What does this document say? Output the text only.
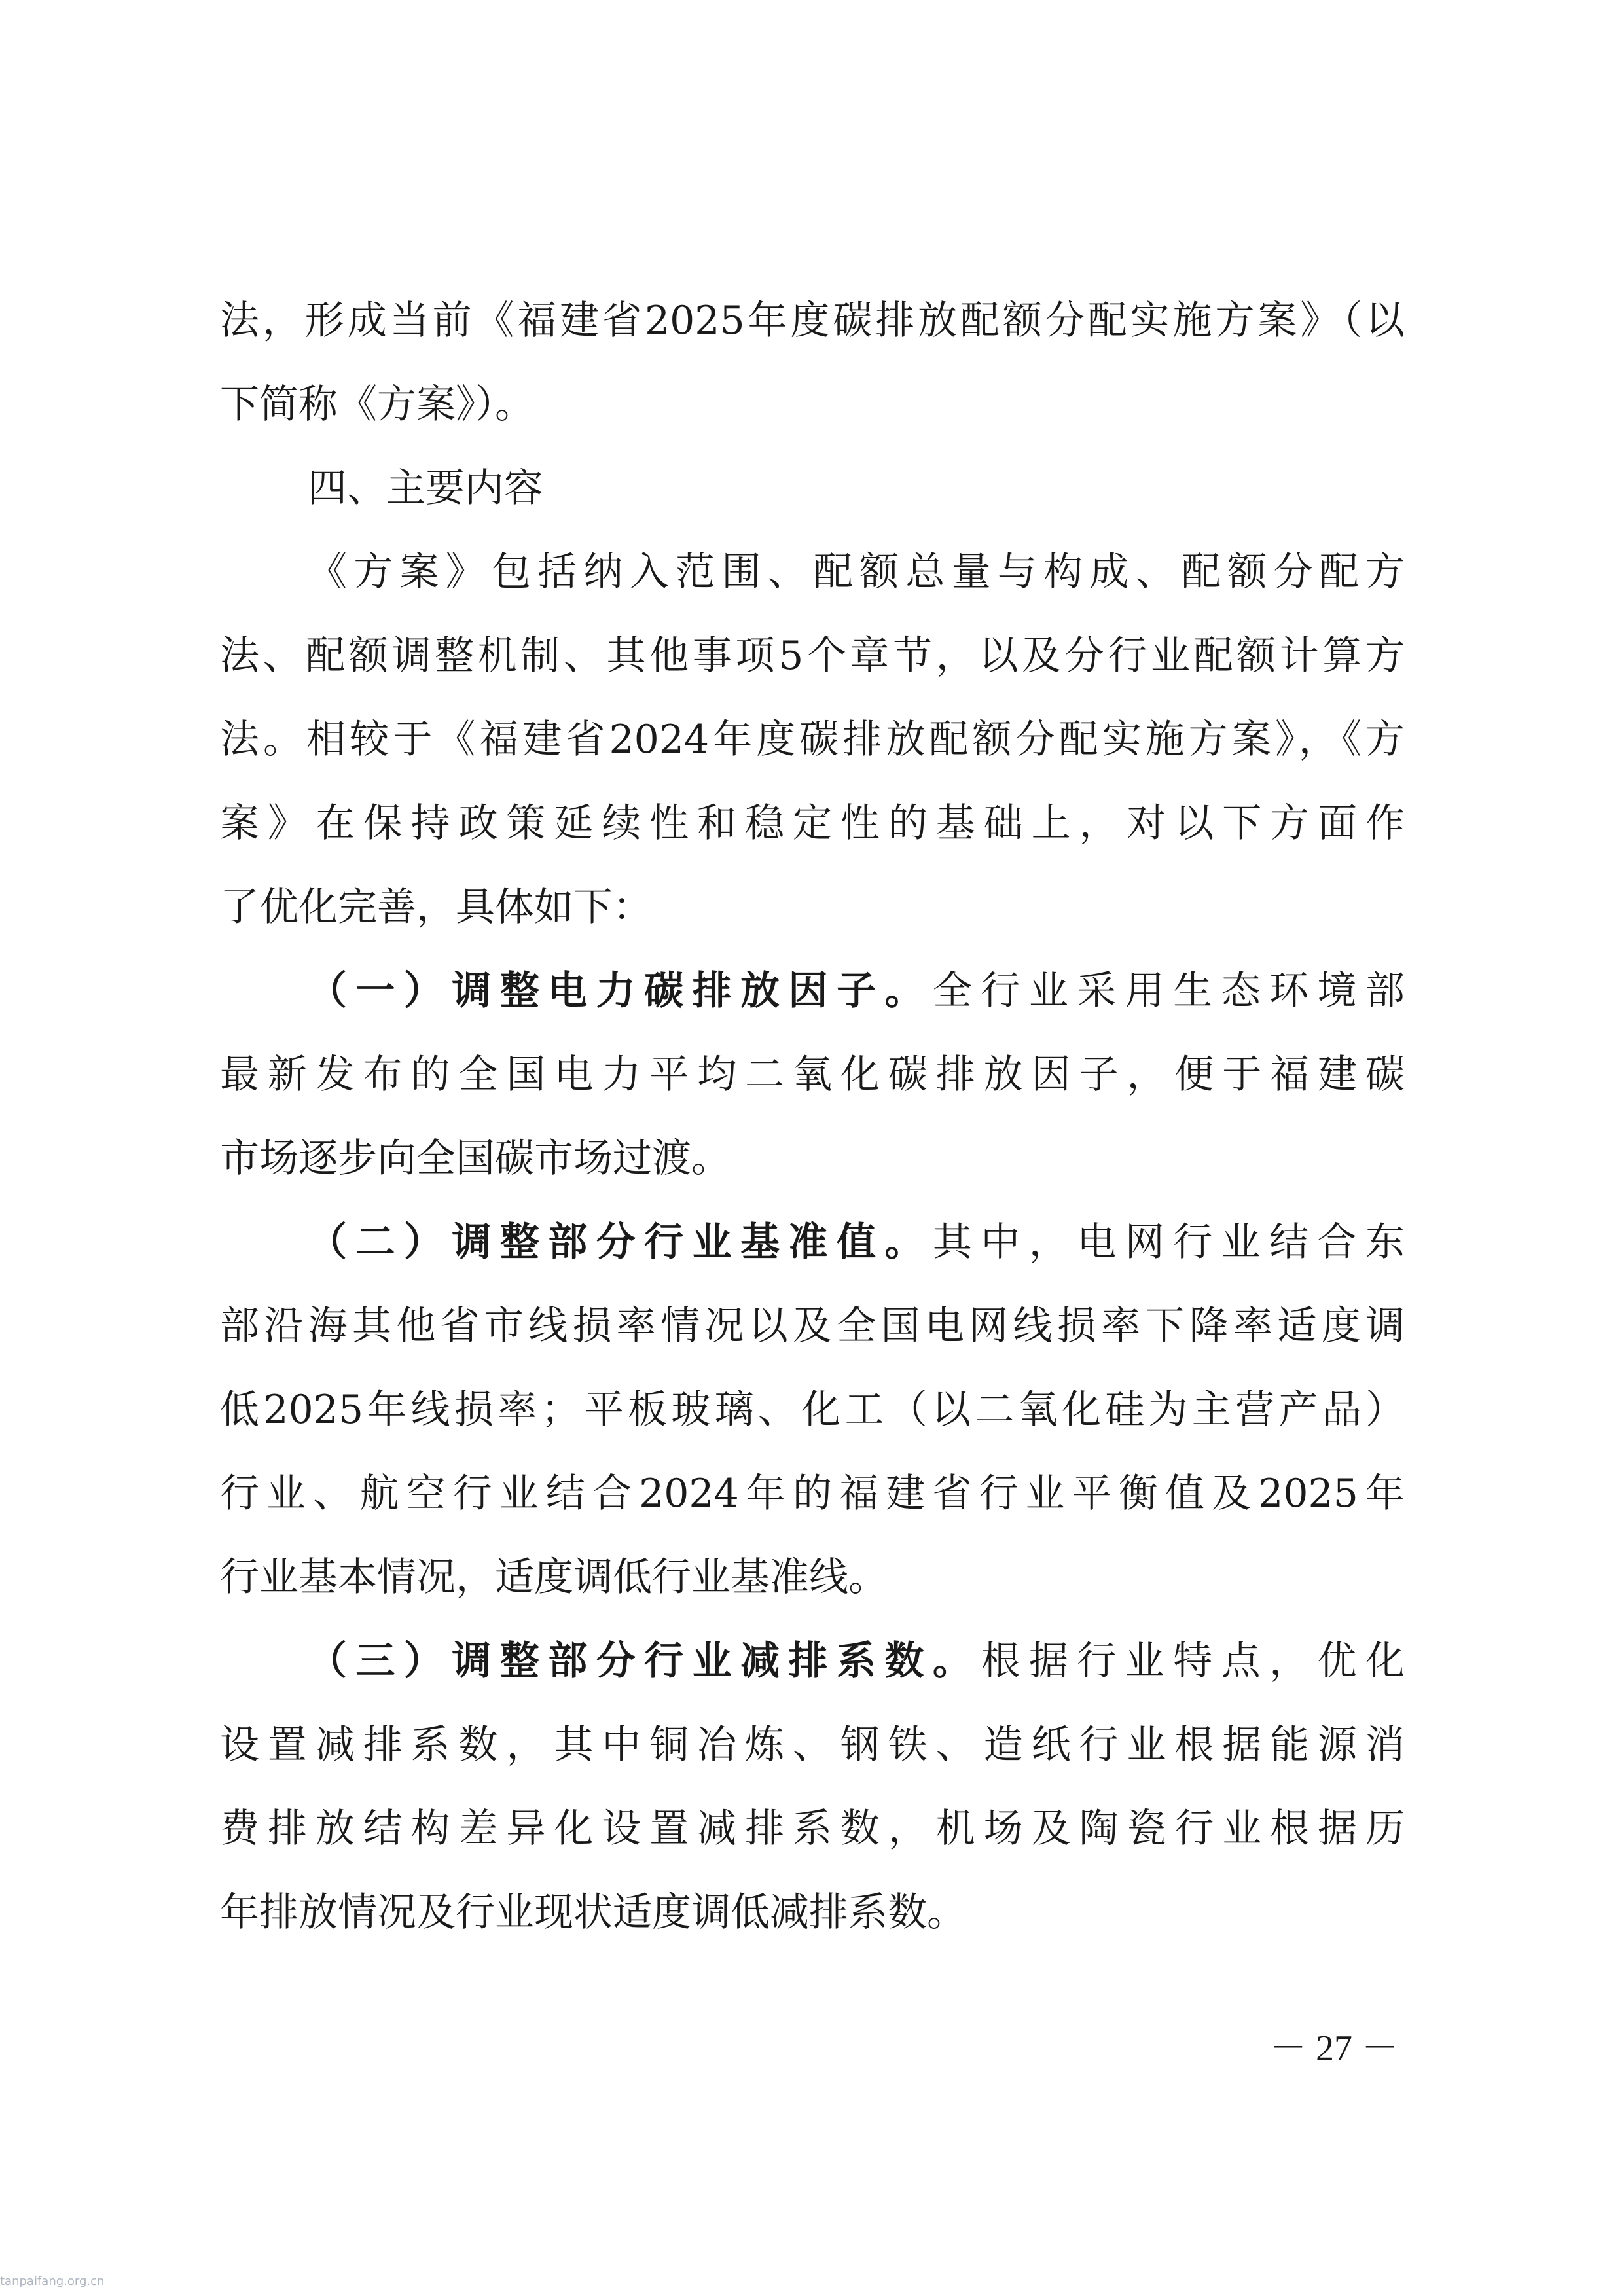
法，形成当前《福建省2025年度碳排放配额分配实施方案》（以
下简称《方案》）。
四、主要内容
《方案》包括纳入范围、配额总量与构成、配额分配方
法、配额调整机制、其他事项5个章节，以及分行业配额计算方
法。相较于《福建省2024年度碳排放配额分配实施方案》，《方
案》在保持政策延续性和稳定性的基础上，对以下方面作
了优化完善，具体如下：
（一）调整电力碳排放因子。全行业采用生态环境部
最新发布的全国电力平均二氧化碳排放因子，便于福建碳
市场逐步向全国碳市场过渡。
（二）调整部分行业基准值。其中，电网行业结合东
部沿海其他省市线损率情况以及全国电网线损率下降率适度调
低2025年线损率；平板玻璃、化工（以二氧化硅为主营产品）
行业、航空行业结合2024年的福建省行业平衡值及2025年
行业基本情况，适度调低行业基准线。
（三）调整部分行业减排系数。根据行业特点，优化
设置减排系数，其中铜冶炼、钢铁、造纸行业根据能源消
费排放结构差异化设置减排系数，机场及陶瓷行业根据历
年排放情况及行业现状适度调低减排系数。
－ 27 －
tanpaifang.org.cn
